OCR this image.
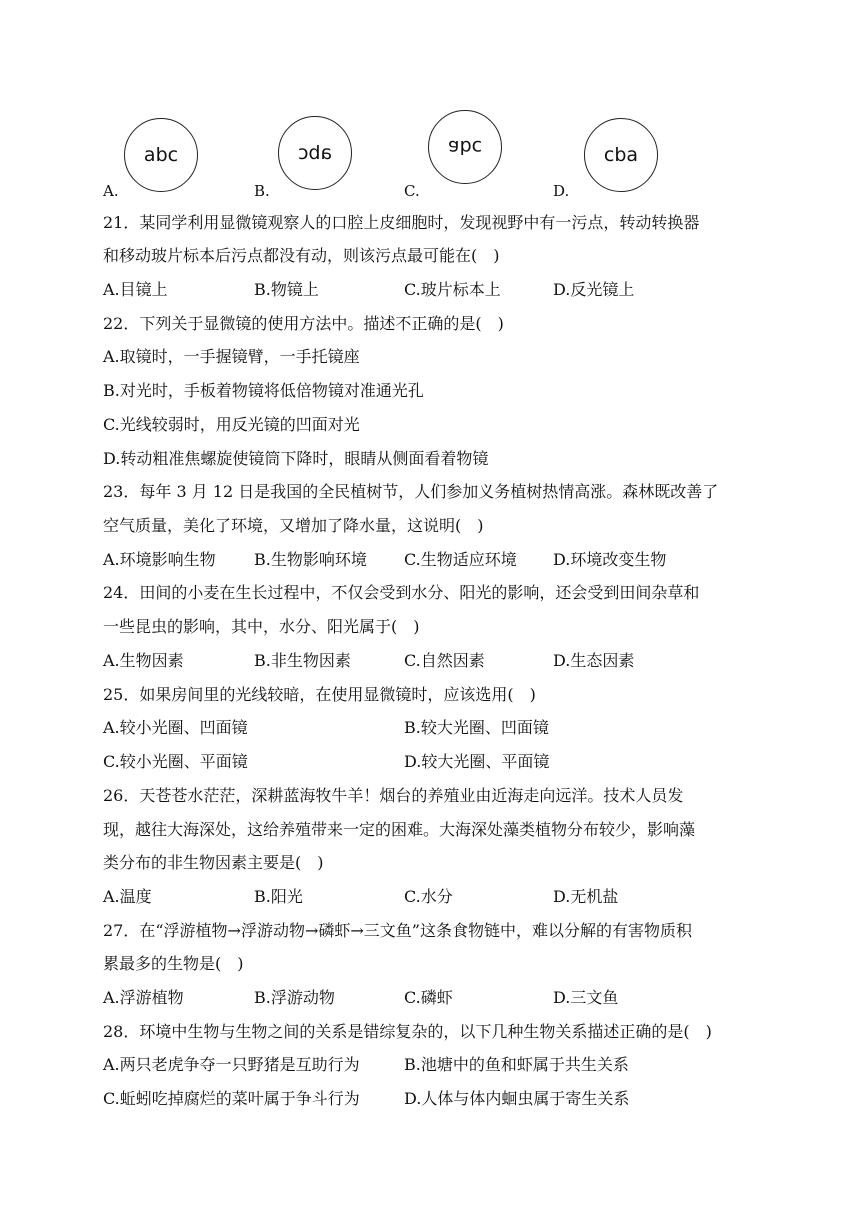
abc	abc	abc	cba
A.	B.	C.	D.
21．某同学利用显微镜观察人的口腔上皮细胞时，发现视野中有一污点，转动转换器
和移动玻片标本后污点都没有动，则该污点最可能在(　)
A.目镜上	B.物镜上	C.玻片标本上	D.反光镜上
22．下列关于显微镜的使用方法中。描述不正确的是(　)
A.取镜时，一手握镜臂，一手托镜座
B.对光时，手板着物镜将低倍物镜对准通光孔
C.光线较弱时，用反光镜的凹面对光
D.转动粗准焦螺旋使镜筒下降时，眼睛从侧面看着物镜
23．每年 3 月 12 日是我国的全民植树节，人们参加义务植树热情高涨。森林既改善了
空气质量，美化了环境，又增加了降水量，这说明(　)
A.环境影响生物 B.生物影响环境 C.生物适应环境 D.环境改变生物
24．田间的小麦在生长过程中，不仅会受到水分、阳光的影响，还会受到田间杂草和
一些昆虫的影响，其中，水分、阳光属于(　)
A.生物因素	B.非生物因素	C.自然因素	D.生态因素
25．如果房间里的光线较暗，在使用显微镜时，应该选用(　)
A.较小光圈、凹面镜	B.较大光圈、凹面镜
C.较小光圈、平面镜	D.较大光圈、平面镜
26．天苍苍水茫茫，深耕蓝海牧牛羊！烟台的养殖业由近海走向远洋。技术人员发
现，越往大海深处，这给养殖带来一定的困难。大海深处藻类植物分布较少，影响藻
类分布的非生物因素主要是(　)
A.温度	B.阳光	C.水分	D.无机盐
27．在“浮游植物→浮游动物→磷虾→三文鱼”这条食物链中，难以分解的有害物质积
累最多的生物是(　)
A.浮游植物	B.浮游动物	C.磷虾	D.三文鱼
28．环境中生物与生物之间的关系是错综复杂的，以下几种生物关系描述正确的是(　)
A.两只老虎争夺一只野猪是互助行为	B.池塘中的鱼和虾属于共生关系
C.蚯蚓吃掉腐烂的菜叶属于争斗行为	D.人体与体内蛔虫属于寄生关系
